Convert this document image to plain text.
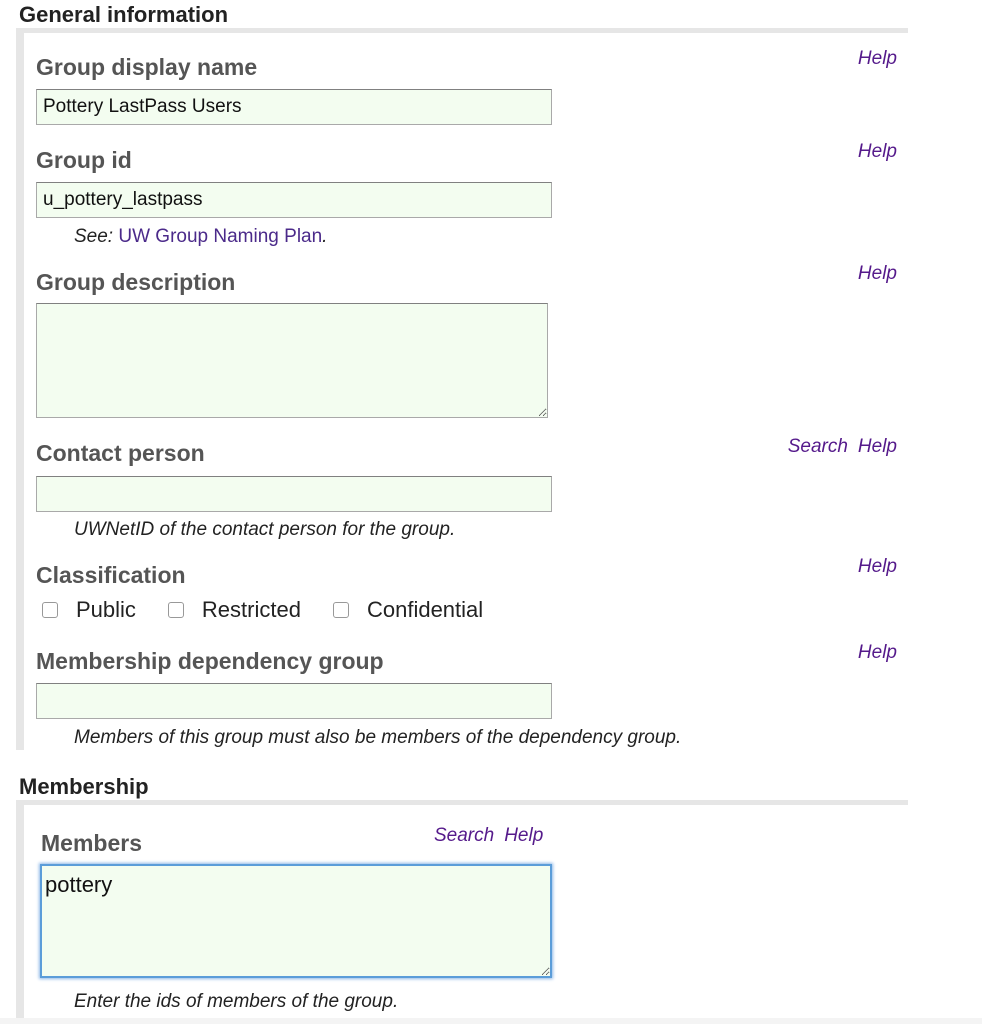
General information
Group display name	Help
Pottery LastPass Users
Group id	Help
u_pottery_lastpass
See: UW Group Naming Plan.
Group description	Help
Contact person	Search Help
UWNetID of the contact person for the group.
Classification	Help
Public	Restricted	Confidential
Membership dependency group	Help
Members of this group must also be members of the dependency group.
Membership
Members	Search Help
pottery
Enter the ids of members of the group.
